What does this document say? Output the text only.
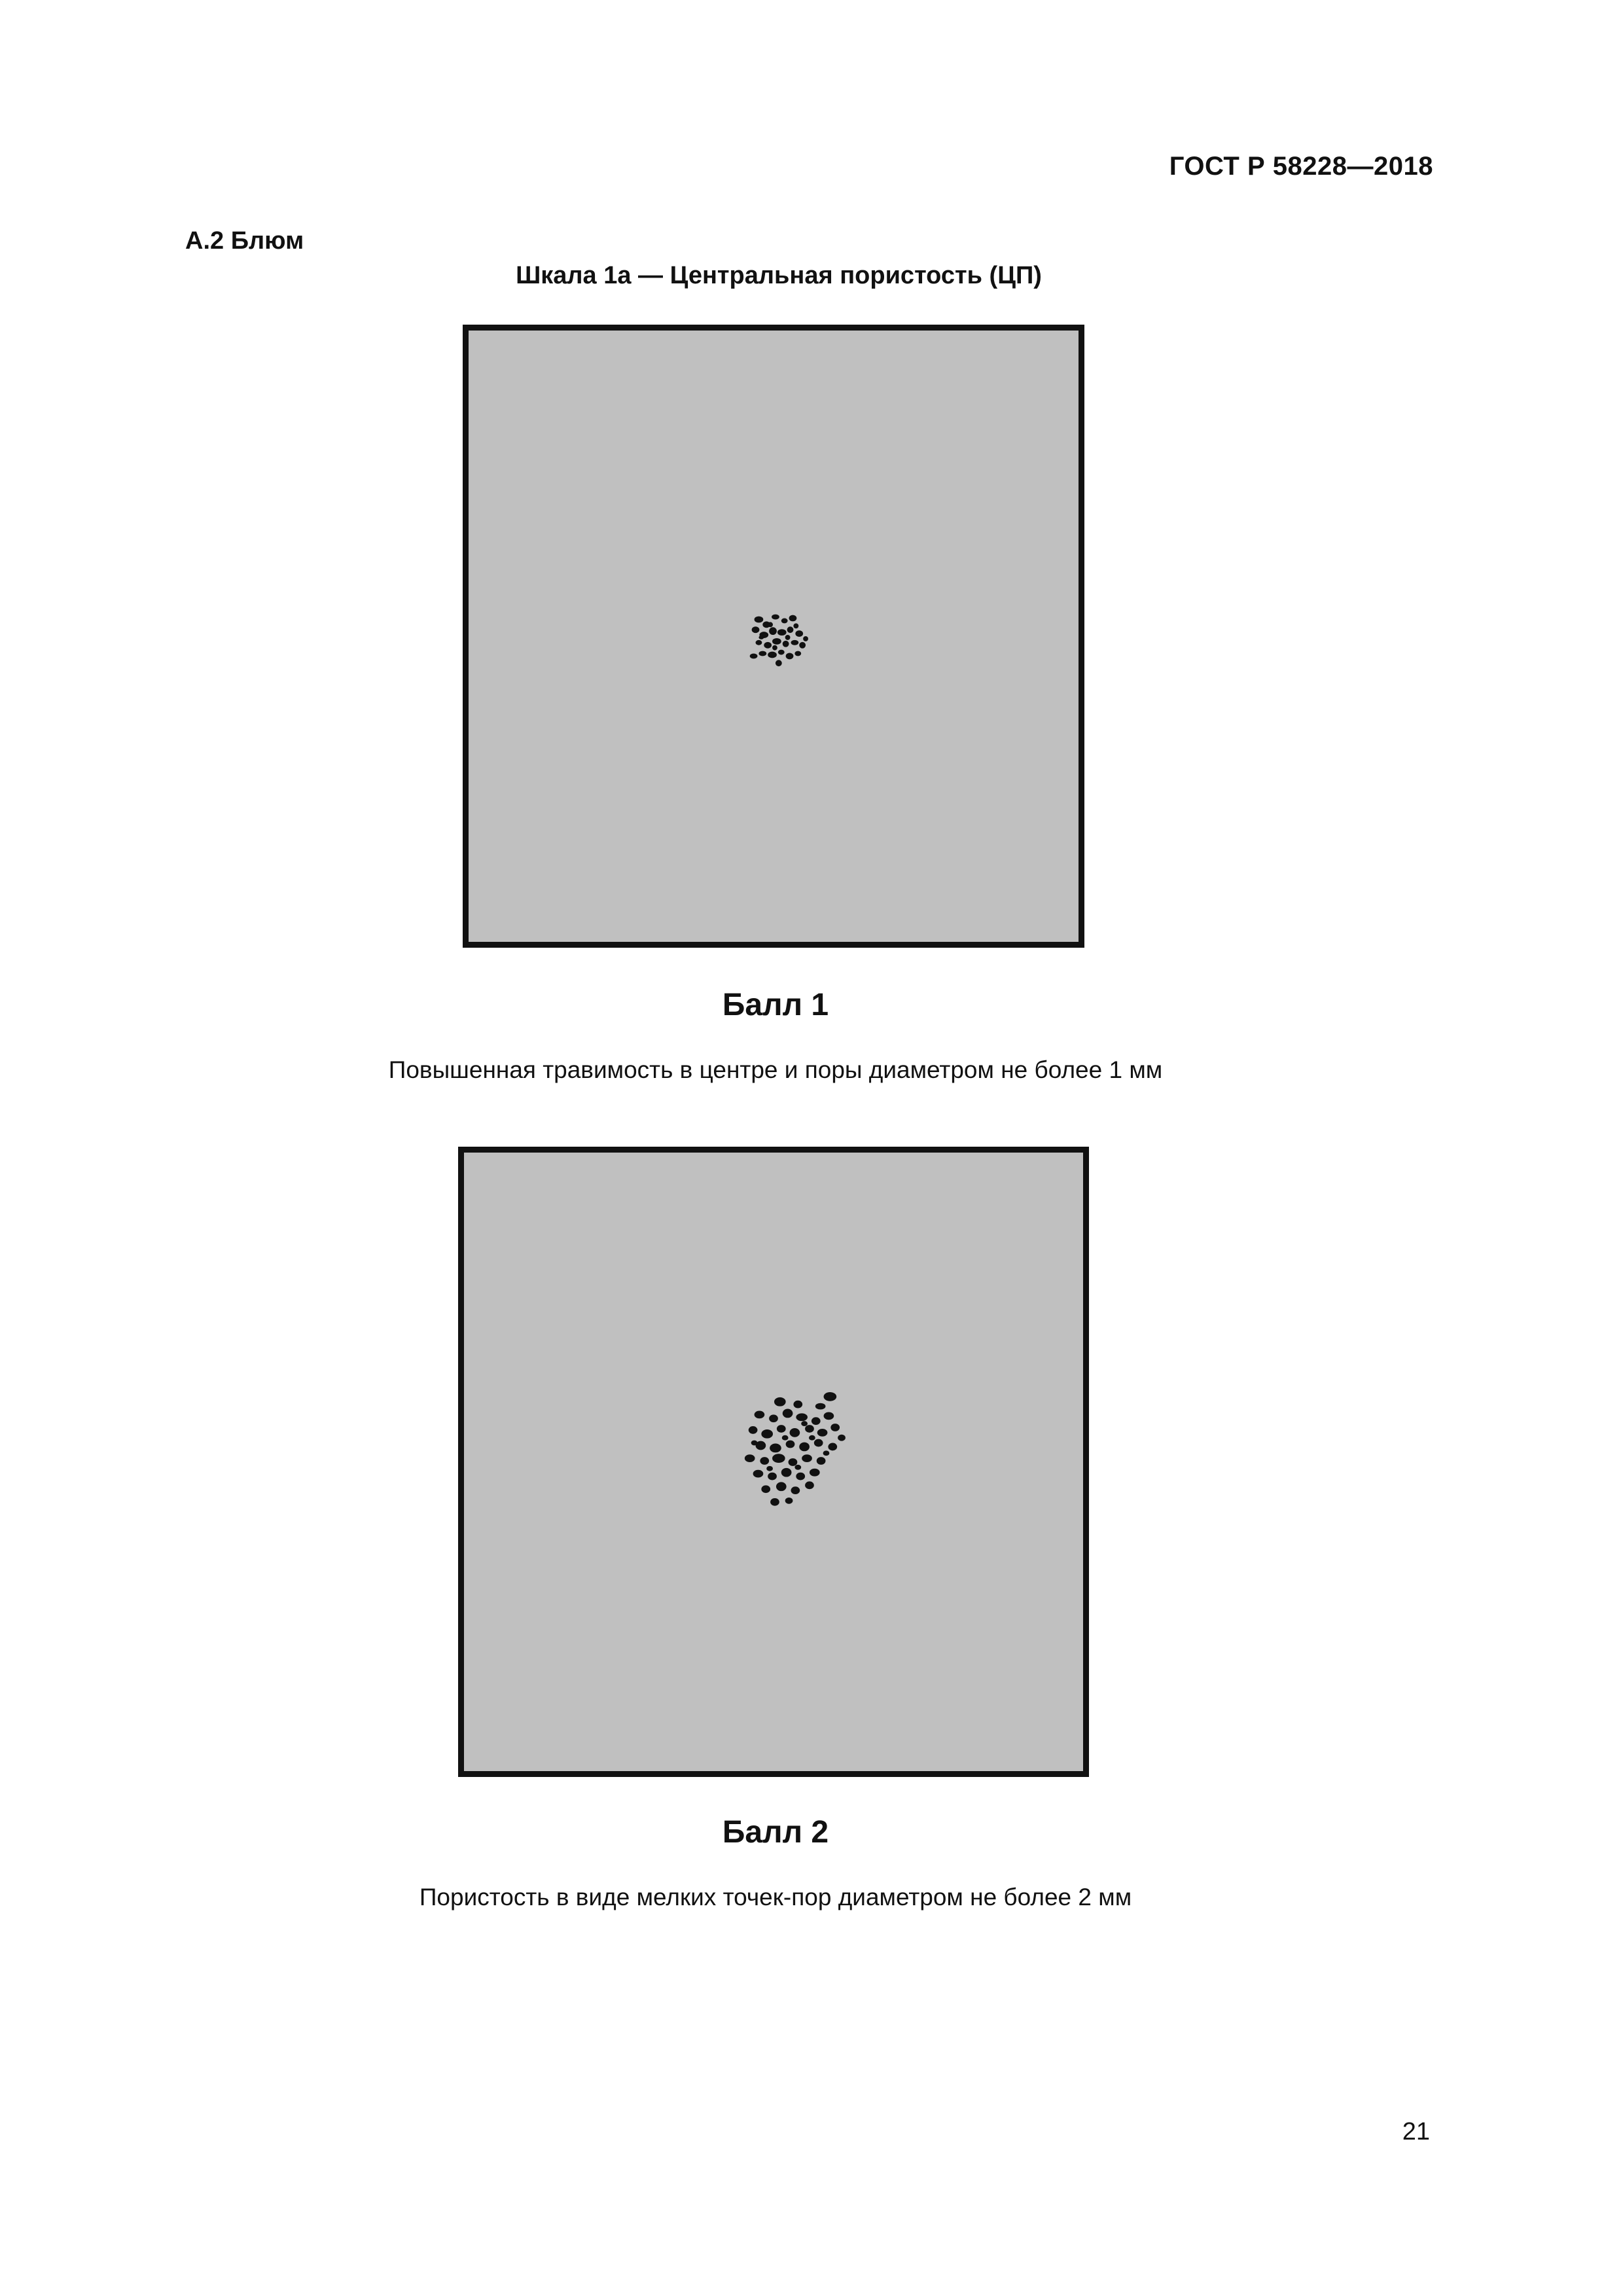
ГОСТ Р 58228—2018
А.2 Блюм
Шкала 1а — Центральная пористость (ЦП)
Балл 1
Повышенная травимость в центре и поры диаметром не более 1 мм
Балл 2
Пористость в виде мелких точек-пор диаметром не более 2 мм
21
